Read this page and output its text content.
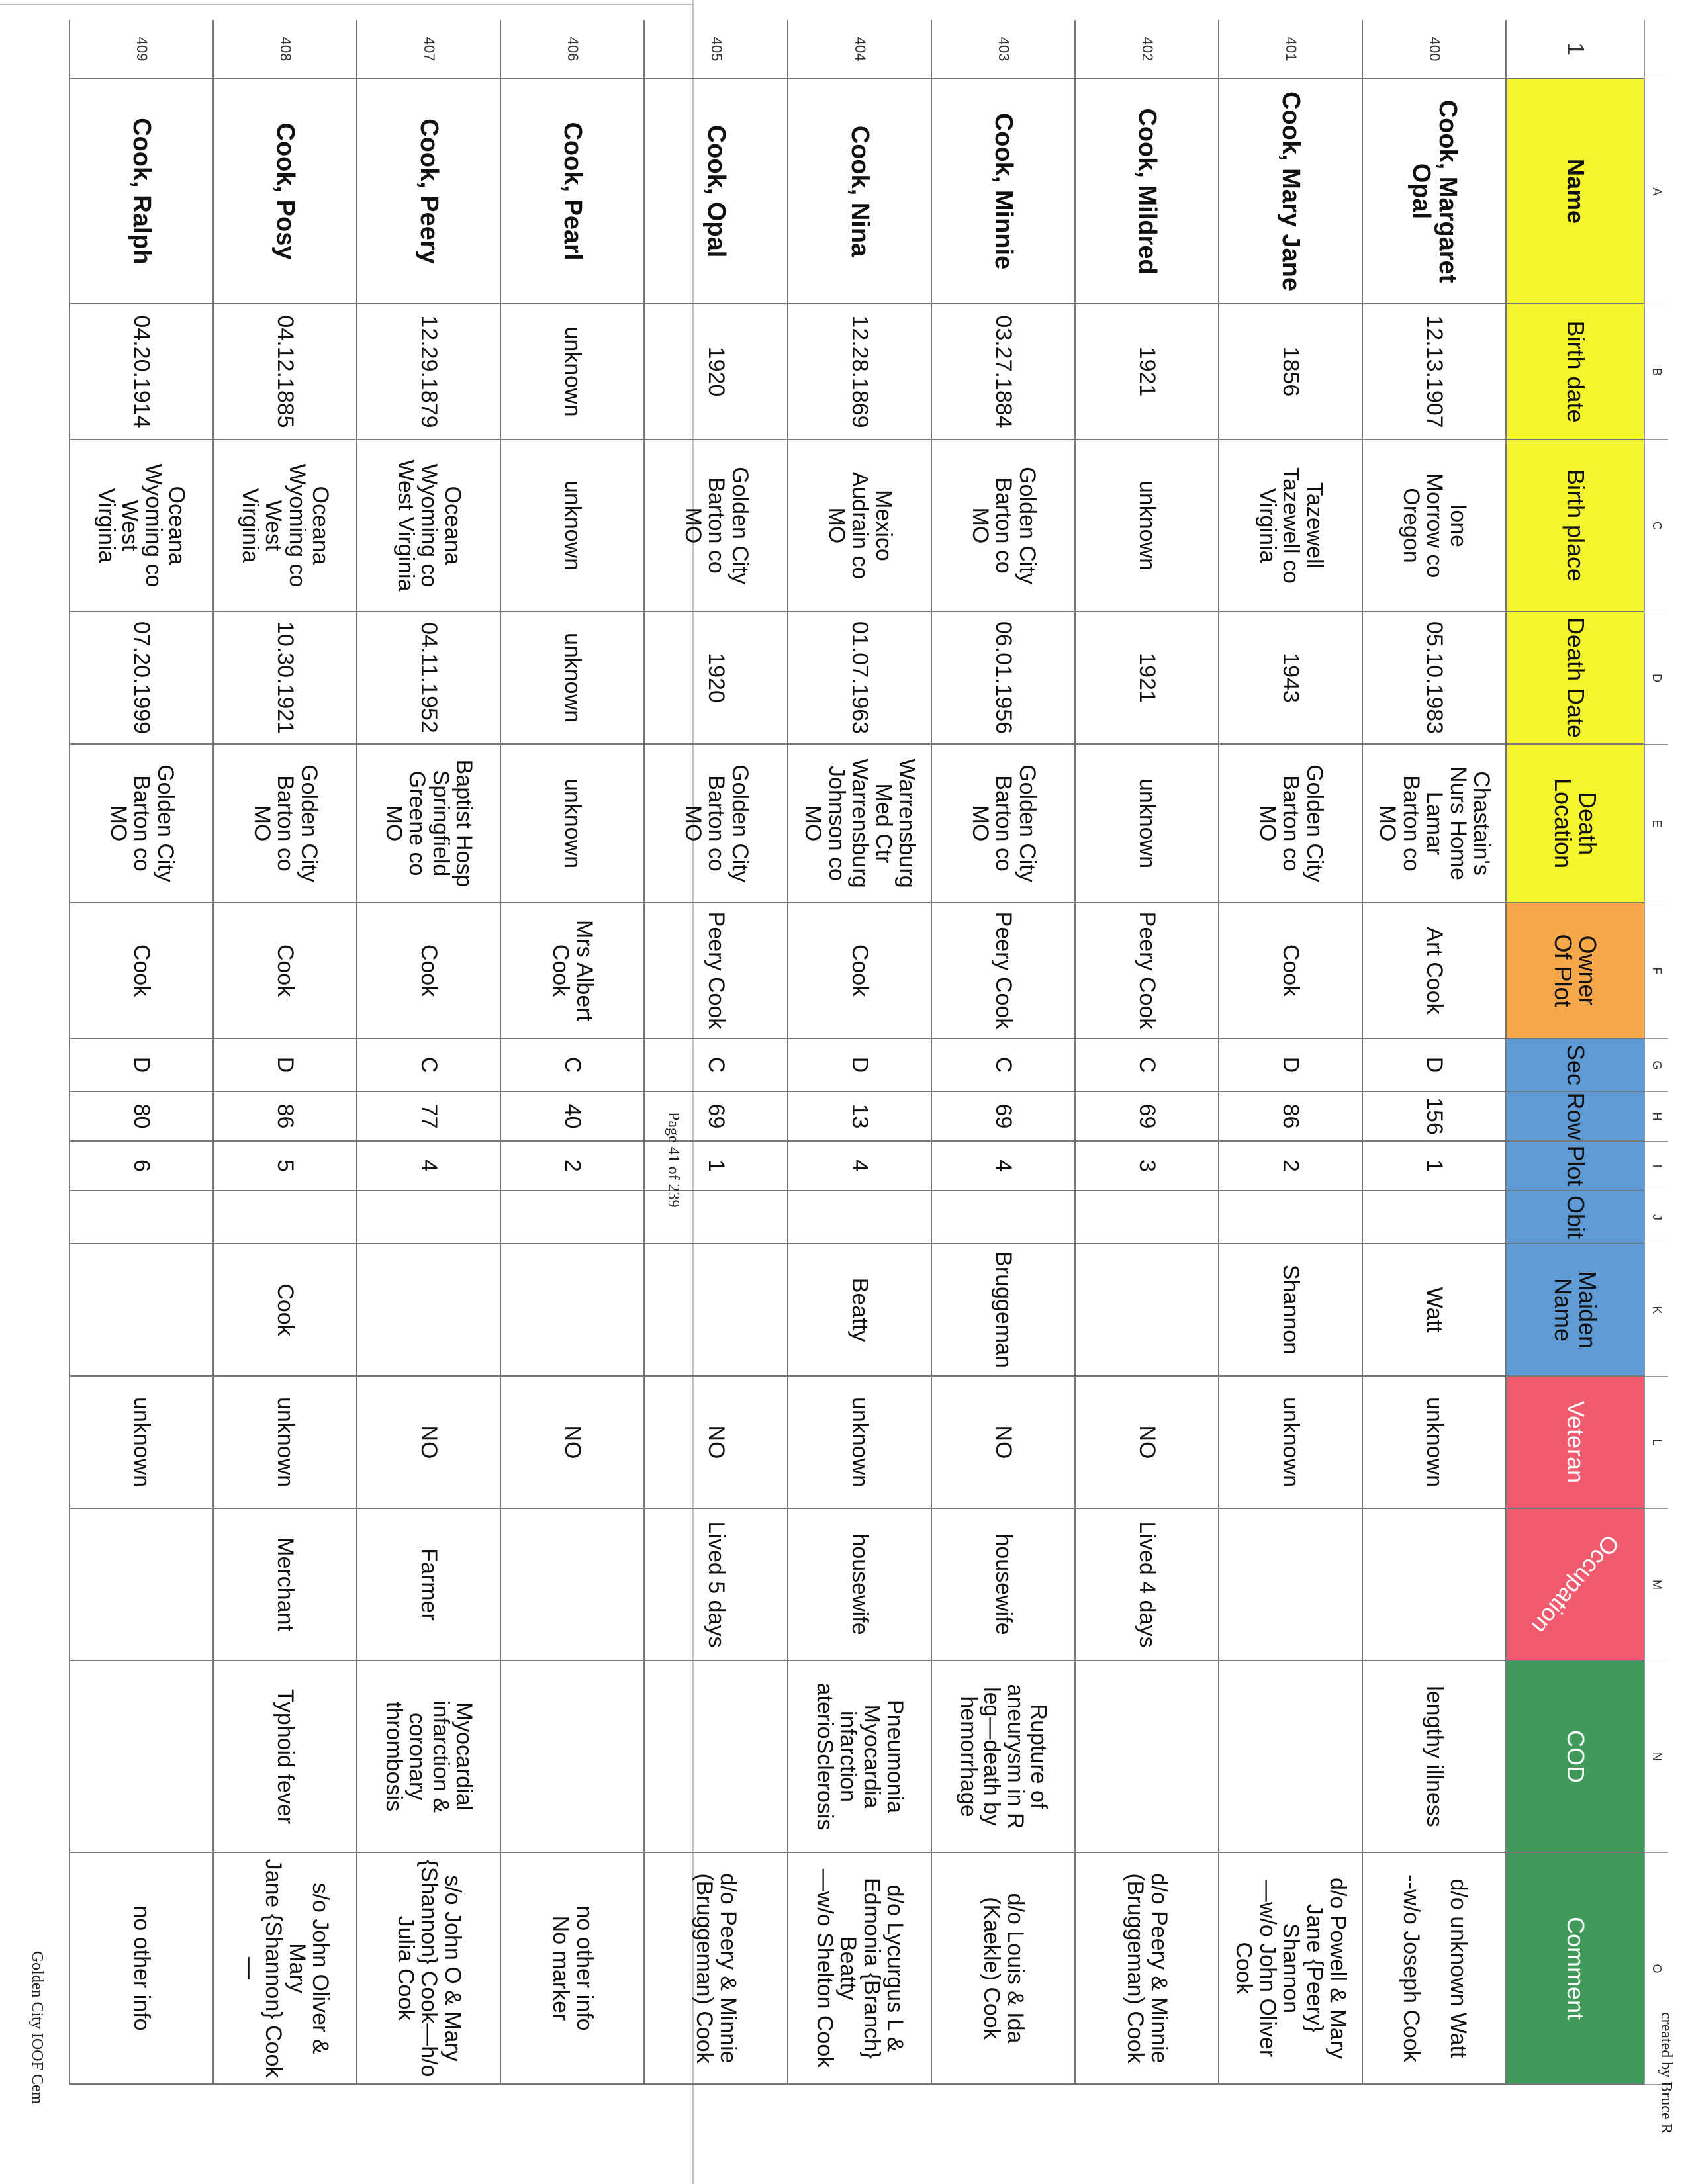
A
B
C
D
E
F
G
H
I
J
K
L
M
N
O
1
Name
Birth date
Birth place
Death Date
Death
Location
Owner
Of Plot
Sec
Row
Plot
Obit
Maiden
Name
Veteran
Occupation
COD
Comment
400
Cook, Margaret
Opal
12.13.1907
Ione
Morrow co
Oregon
05.10.1983
Chastain's
Nurs Home
Lamar
Barton co
MO
Art Cook
D
156
1
Watt
unknown
lengthy illness
d/o unknown Watt

--w/o Joseph Cook
401
Cook, Mary Jane
1856
Tazewell
Tazewell co
Virginia
1943
Golden City
Barton co
MO
Cook
D
86
2
Shannon
unknown
d/o Powell & Mary
Jane {Peery} Shannon
—w/o John Oliver
Cook
402
Cook, Mildred
1921
unknown
1921
unknown
Peery Cook
C
69
3
NO
Lived 4 days
d/o Peery & Minnie
(Bruggeman) Cook
403
Cook, Minnie
03.27.1884
Golden City
Barton co
MO
06.01.1956
Golden City
Barton co
MO
Peery Cook
C
69
4
Bruggeman
NO
housewife
Rupture of
aneurysm in R
leg—death by
hemorrhage
d/o Louis & Ida
(Kaekle) Cook
404
Cook, Nina
12.28.1869
Mexico
Audrain co
MO
01.07.1963
Warrensburg
Med Ctr
Warrensburg
Johnson co
MO
Cook
D
13
4
Beatty
unknown
housewife
Pneumonia
Myocardia
infarction
aterioSclerosis
d/o Lycurgus L &
Edmonia {Branch}
Beatty
—w/o Shelton Cook
405
Cook, Opal
1920
Golden City
Barton co
MO
1920
Golden City
Barton co
MO
Peery Cook
C
69
1
NO
Lived 5 days
d/o Peery & Minnie
(Bruggeman) Cook
406
Cook, Pearl
unknown
unknown
unknown
unknown
Mrs Albert
Cook
C
40
2
NO
no other info
No marker
407
Cook, Peery
12.29.1879
Oceana
Wyoming co
West Virginia
04.11.1952
Baptist Hosp
Springfield
Greene co
MO
Cook
C
77
4
NO
Farmer
Myocardial
infarction &
coronary
thrombosis
s/o John O & Mary
{Shannon} Cook—h/o
Julia Cook
408
Cook, Posy
04.12.1885
Oceana
Wyoming co
West
Virginia
10.30.1921
Golden City
Barton co
MO
Cook
D
86
5
Cook
unknown
Merchant
Typhoid fever
s/o John Oliver & Mary
Jane {Shannon} Cook
—
409
Cook, Ralph
04.20.1914
Oceana
Wyoming co
West
Virginia
07.20.1999
Golden City
Barton co
MO
Cook
D
80
6
unknown
no other info
Golden City IOOF Cem
Page 41 of 239
created by Bruce R
